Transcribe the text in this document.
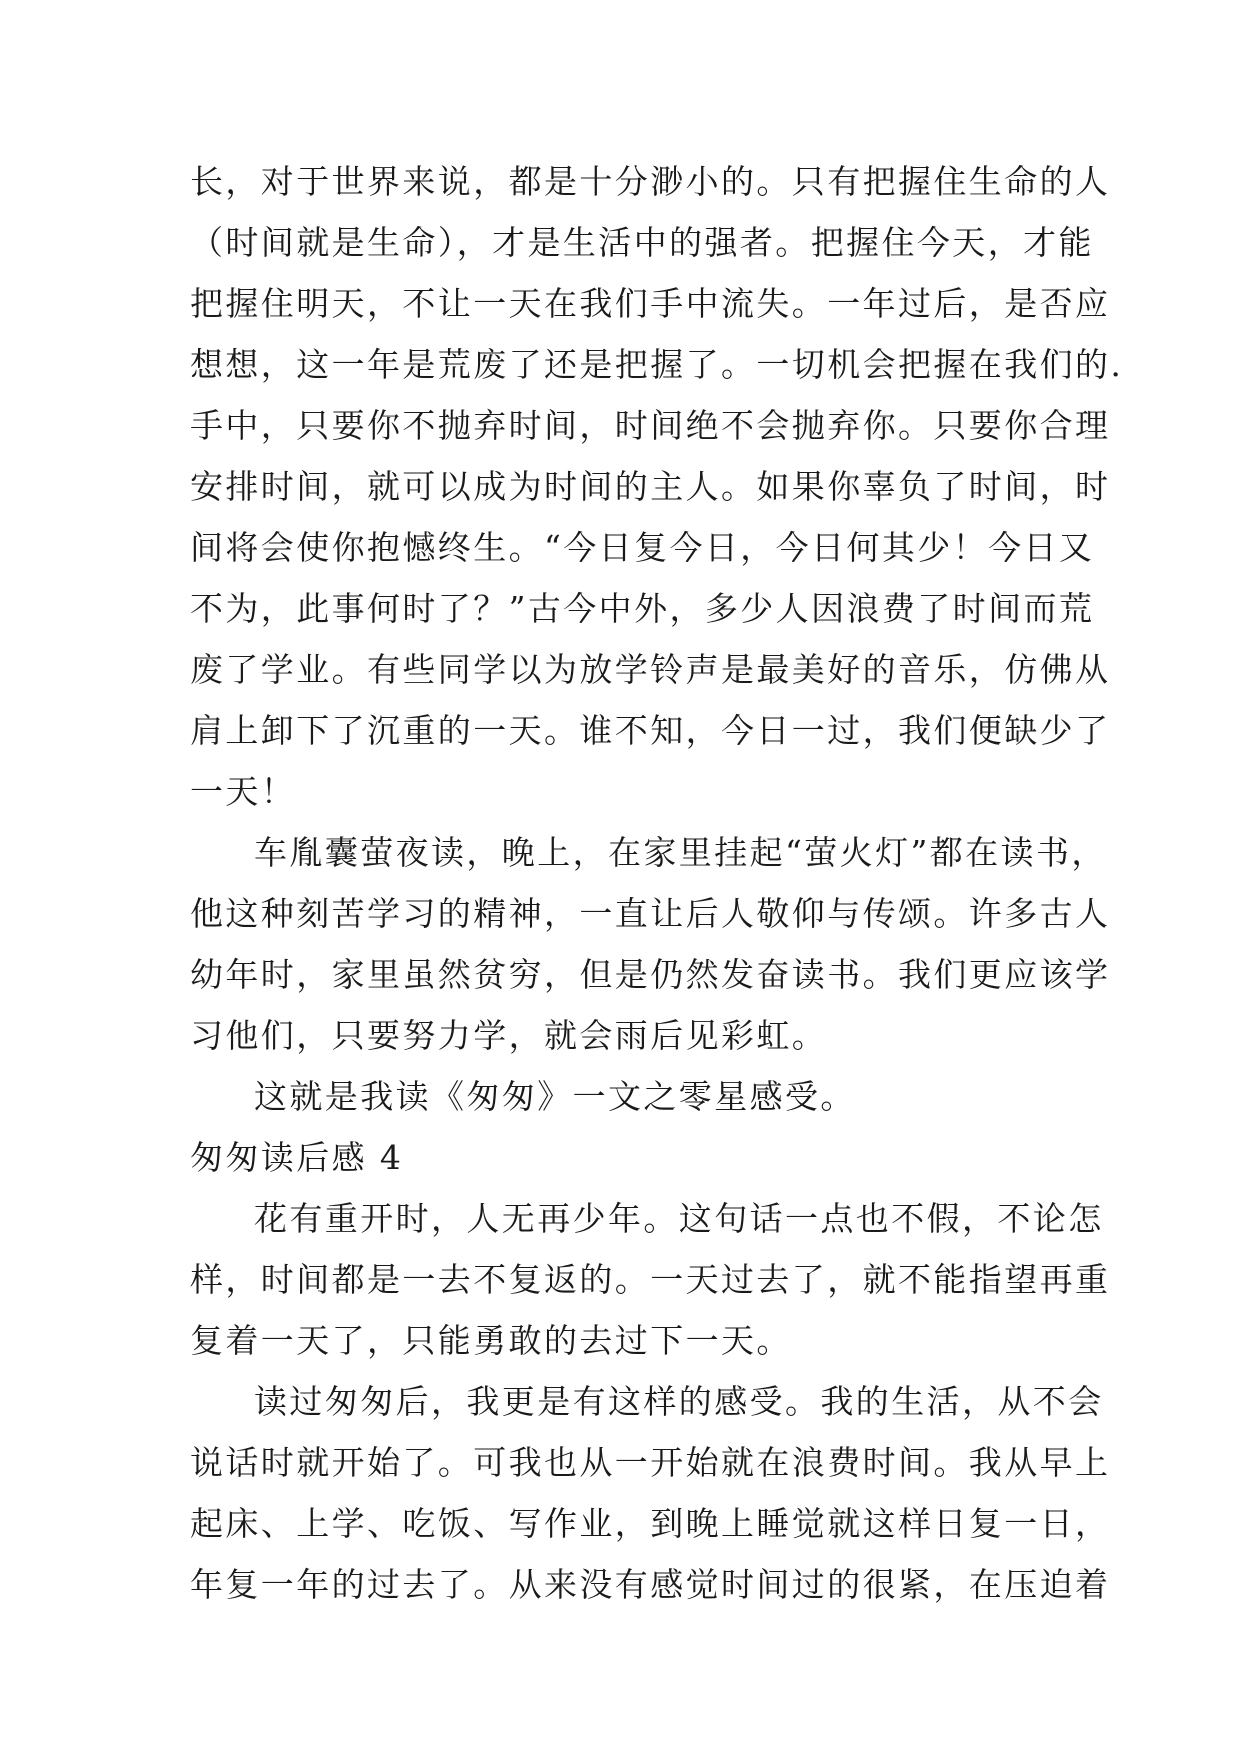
长，对于世界来说，都是十分渺小的。只有把握住生命的人
（时间就是生命），才是生活中的强者。把握住今天，才能
把握住明天，不让一天在我们手中流失。一年过后，是否应
想想，这一年是荒废了还是把握了。一切机会把握在我们的.
手中，只要你不抛弃时间，时间绝不会抛弃你。只要你合理
安排时间，就可以成为时间的主人。如果你辜负了时间，时
间将会使你抱憾终生。“今日复今日，今日何其少！今日又
不为，此事何时了？”古今中外，多少人因浪费了时间而荒
废了学业。有些同学以为放学铃声是最美好的音乐，仿佛从
肩上卸下了沉重的一天。谁不知，今日一过，我们便缺少了
一天！
车胤囊萤夜读，晚上，在家里挂起“萤火灯”都在读书，
他这种刻苦学习的精神，一直让后人敬仰与传颂。许多古人
幼年时，家里虽然贫穷，但是仍然发奋读书。我们更应该学
习他们，只要努力学，就会雨后见彩虹。
这就是我读《匆匆》一文之零星感受。
匆匆读后感 4
花有重开时，人无再少年。这句话一点也不假，不论怎
样，时间都是一去不复返的。一天过去了，就不能指望再重
复着一天了，只能勇敢的去过下一天。
读过匆匆后，我更是有这样的感受。我的生活，从不会
说话时就开始了。可我也从一开始就在浪费时间。我从早上
起床、上学、吃饭、写作业，到晚上睡觉就这样日复一日，
年复一年的过去了。从来没有感觉时间过的很紧，在压迫着
